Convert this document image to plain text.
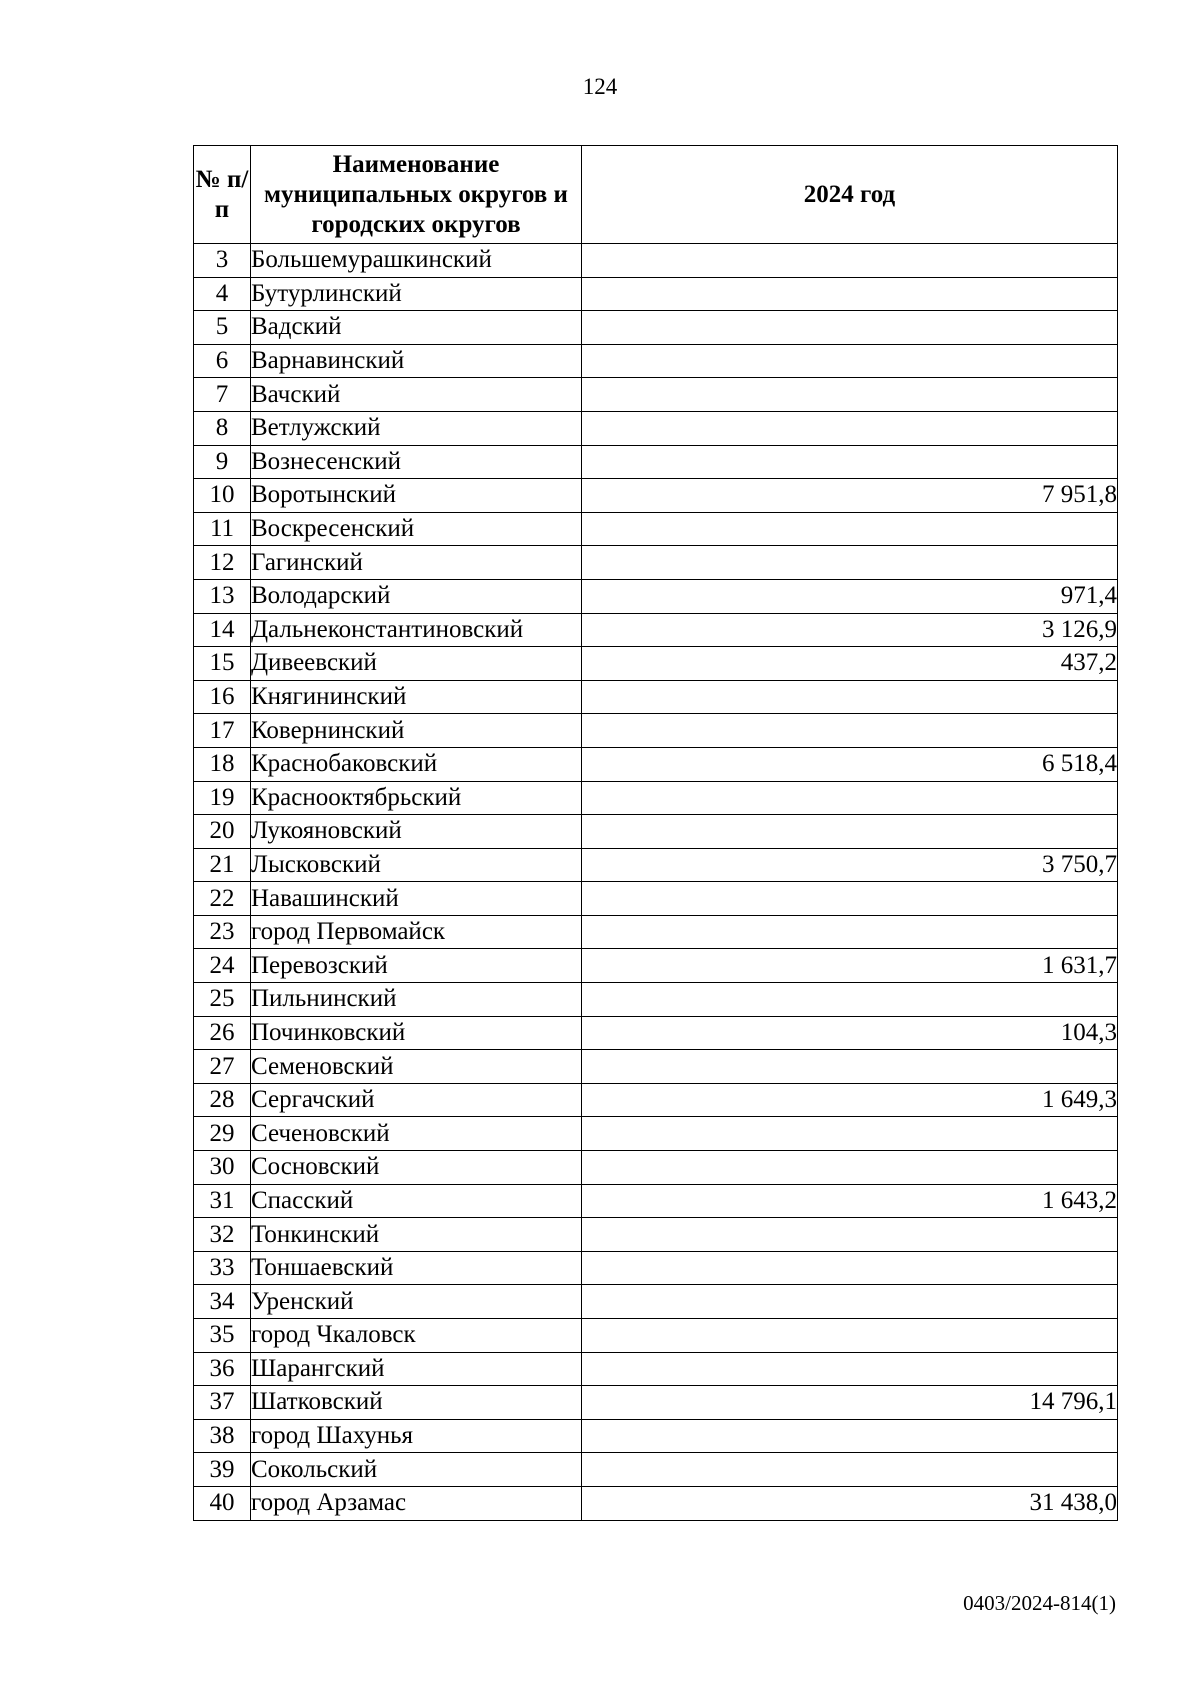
124
№ п/п	Наименование муниципальных округов и городских округов	2024 год
3	Большемурашкинский	
4	Бутурлинский	
5	Вадский	
6	Варнавинский	
7	Вачский	
8	Ветлужский	
9	Вознесенский	
10	Воротынский	7 951,8
11	Воскресенский	
12	Гагинский	
13	Володарский	971,4
14	Дальнеконстантиновский	3 126,9
15	Дивеевский	437,2
16	Княгининский	
17	Ковернинский	
18	Краснобаковский	6 518,4
19	Краснооктябрьский	
20	Лукояновский	
21	Лысковский	3 750,7
22	Навашинский	
23	город Первомайск	
24	Перевозский	1 631,7
25	Пильнинский	
26	Починковский	104,3
27	Семеновский	
28	Сергачский	1 649,3
29	Сеченовский	
30	Сосновский	
31	Спасский	1 643,2
32	Тонкинский	
33	Тоншаевский	
34	Уренский	
35	город Чкаловск	
36	Шарангский	
37	Шатковский	14 796,1
38	город Шахунья	
39	Сокольский	
40	город Арзамас	31 438,0
0403/2024-814(1)
